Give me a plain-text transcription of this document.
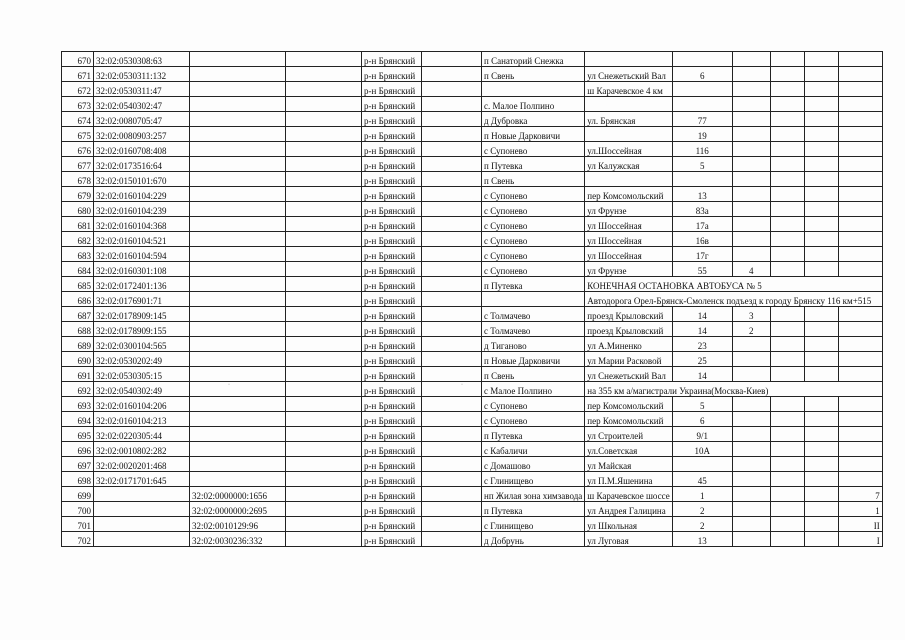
670	32:02:0530308:63			р-н Брянский		п Санаторий Снежка						
671	32:02:0530311:132			р-н Брянский		п Свень	ул Снежетьский Вал	6				
672	32:02:0530311:47			р-н Брянский			ш Карачевское 4 км					
673	32:02:0540302:47			р-н Брянский		с. Малое Полпино						
674	32:02:0080705:47			р-н Брянский		д Дубровка	ул. Брянская	77				
675	32:02:0080903:257			р-н Брянский		п Новые Дарковичи		19				
676	32:02:0160708:408			р-н Брянский		с Супонево	ул.Шоссейная	116				
677	32:02:0173516:64			р-н Брянский		п Путевка	ул Калужская	5				
678	32:02:0150101:670			р-н Брянский		п Свень						
679	32:02:0160104:229			р-н Брянский		с Супонево	пер Комсомольский	13				
680	32:02:0160104:239			р-н Брянский		с Супонево	ул Фрунзе	83а				
681	32:02:0160104:368			р-н Брянский		с Супонево	ул Шоссейная	17а				
682	32:02:0160104:521			р-н Брянский		с Супонево	ул Шоссейная	16в				
683	32:02:0160104:594			р-н Брянский		с Супонево	ул Шоссейная	17г				
684	32:02:0160301:108			р-н Брянский		с Супонево	ул Фрунзе	55	4			
685	32:02:0172401:136			р-н Брянский		п Путевка	КОНЕЧНАЯ ОСТАНОВКА АВТОБУСА № 5					
686	32:02:0176901:71			р-н Брянский			Автодорога Орел-Брянск-Смоленск подъезд к городу Брянску 116 км+515					
687	32:02:0178909:145			р-н Брянский		с Толмачево	проезд Крыловский	14	3			
688	32:02:0178909:155			р-н Брянский		с Толмачево	проезд Крыловский	14	2			
689	32:02:0300104:565			р-н Брянский		д Тиганово	ул А.Миненко	23				
690	32:02:0530202:49			р-н Брянский		п Новые Дарковичи	ул Марии Расковой	25				
691	32:02:0530305:15			р-н Брянский		п Свень	ул Снежетьский Вал	14				
692	32:02:0540302:49			р-н Брянский		с Малое Полпино	на 355 км а/магистрали Украина(Москва-Киев)					
693	32:02:0160104:206			р-н Брянский		с Супонево	пер Комсомольский	5				
694	32:02:0160104:213			р-н Брянский		с Супонево	пер Комсомольский	6				
695	32:02:0220305:44			р-н Брянский		п Путевка	ул Строителей	9/1				
696	32:02:0010802:282			р-н Брянский		с Кабаличи	ул.Советская	10А				
697	32:02:0020201:468			р-н Брянский		с Домашово	ул Майская					
698	32:02:0171701:645			р-н Брянский		с Глинищево	ул П.М.Яшенина	45				
699		32:02:0000000:1656		р-н Брянский		нп Жилая зона химзавода	ш Карачевское шоссе	1				7
700		32:02:0000000:2695		р-н Брянский		п Путевка	ул Андрея Галицина	2				1
701		32:02:0010129:96		р-н Брянский		с Глинищево	ул Школьная	2				II
702		32:02:0030236:332		р-н Брянский		д Добрунь	ул Луговая	13				I
·	·
